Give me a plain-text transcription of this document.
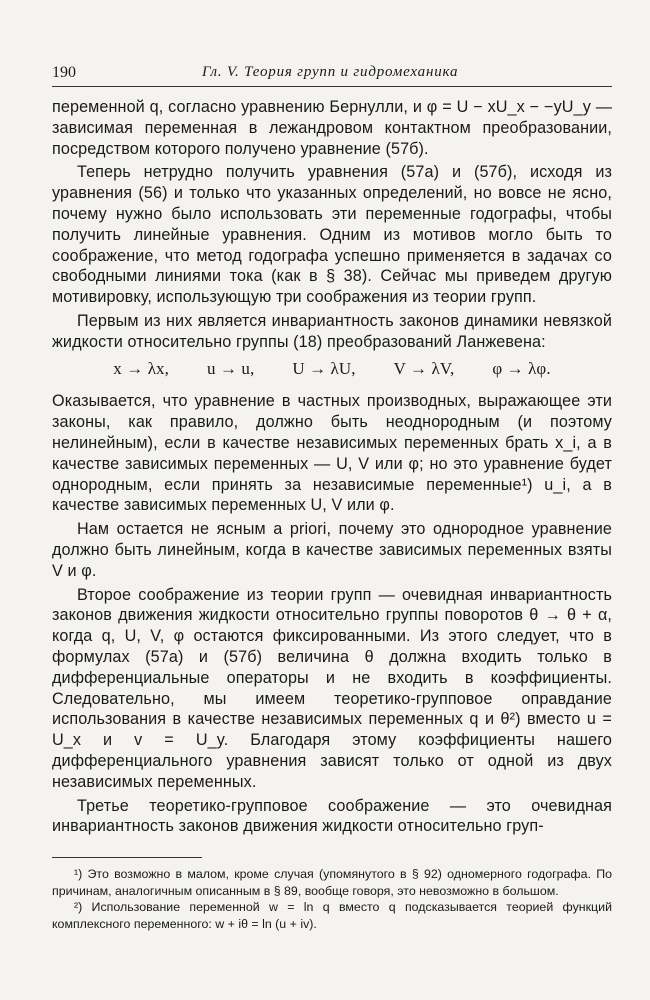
190	Гл. V. Теория групп и гидромеханика

переменной q, согласно уравнению Бернулли, и φ = U − xU_x − −yU_y — зависимая переменная в лежандровом контактном преобразовании, посредством которого получено уравнение (57б).

Теперь нетрудно получить уравнения (57а) и (57б), исходя из уравнения (56) и только что указанных определений, но вовсе не ясно, почему нужно было использовать эти переменные годографы, чтобы получить линейные уравнения. Одним из мотивов могло быть то соображение, что метод годографа успешно применяется в задачах со свободными линиями тока (как в § 38). Сейчас мы приведем другую мотивировку, использующую три соображения из теории групп.

Первым из них является инвариантность законов динамики невязкой жидкости относительно группы (18) преобразований Ланжевена:

x → λx, u → u, U → λU, V → λV, φ → λφ.

Оказывается, что уравнение в частных производных, выражающее эти законы, как правило, должно быть неоднородным (и поэтому нелинейным), если в качестве независимых переменных брать x_i, а в качестве зависимых переменных — U, V или φ; но это уравнение будет однородным, если принять за независимые переменные¹) u_i, а в качестве зависимых переменных U, V или φ.

Нам остается не ясным a priori, почему это однородное уравнение должно быть линейным, когда в качестве зависимых переменных взяты V и φ.

Второе соображение из теории групп — очевидная инвариантность законов движения жидкости относительно группы поворотов θ → θ + α, когда q, U, V, φ остаются фиксированными. Из этого следует, что в формулах (57а) и (57б) величина θ должна входить только в дифференциальные операторы и не входить в коэффициенты. Следовательно, мы имеем теоретико-групповое оправдание использования в качестве независимых переменных q и θ²) вместо u = U_x и v = U_y. Благодаря этому коэффициенты нашего дифференциального уравнения зависят только от одной из двух независимых переменных.

Третье теоретико-групповое соображение — это очевидная инвариантность законов движения жидкости относительно груп-

¹) Это возможно в малом, кроме случая (упомянутого в § 92) одномерного годографа. По причинам, аналогичным описанным в § 89, вообще говоря, это невозможно в большом.

²) Использование переменной w = ln q вместо q подсказывается теорией функций комплексного переменного: w + iθ = ln (u + iv).
